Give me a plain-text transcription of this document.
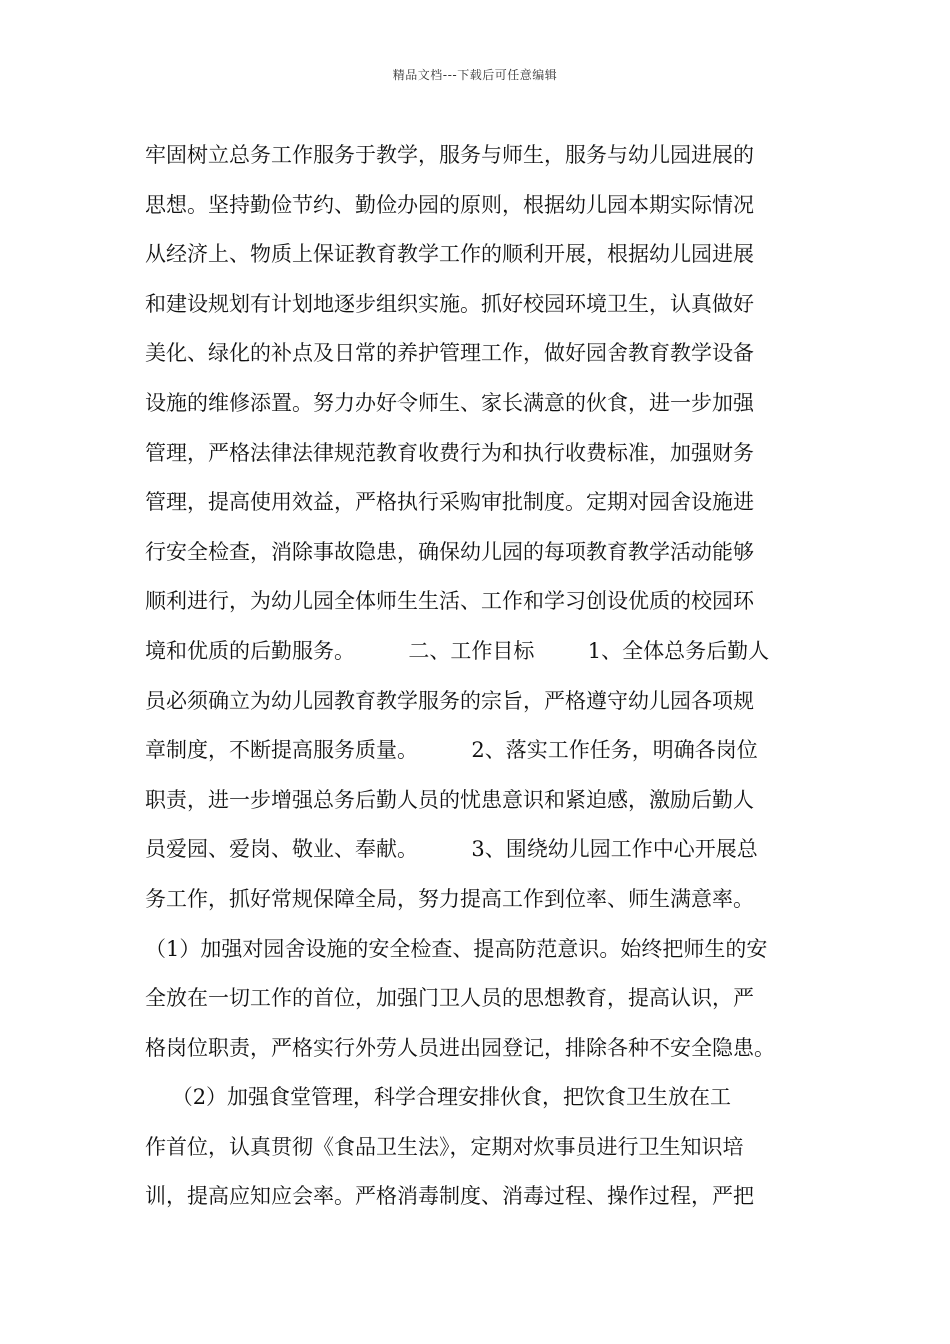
精品文档---下载后可任意编辑
牢固树立总务工作服务于教学，服务与师生，服务与幼儿园进展的
思想。坚持勤俭节约、勤俭办园的原则，根据幼儿园本期实际情况
从经济上、物质上保证教育教学工作的顺利开展，根据幼儿园进展
和建设规划有计划地逐步组织实施。抓好校园环境卫生，认真做好
美化、绿化的补点及日常的养护管理工作，做好园舍教育教学设备
设施的维修添置。努力办好令师生、家长满意的伙食，进一步加强
管理，严格法律法律规范教育收费行为和执行收费标准，加强财务
管理，提高使用效益，严格执行采购审批制度。定期对园舍设施进
行安全检查，消除事故隐患，确保幼儿园的每项教育教学活动能够
顺利进行，为幼儿园全体师生生活、工作和学习创设优质的校园环
境和优质的后勤服务。        二、工作目标        1、全体总务后勤人
员必须确立为幼儿园教育教学服务的宗旨，严格遵守幼儿园各项规
章制度，不断提高服务质量。        2、落实工作任务，明确各岗位
职责，进一步增强总务后勤人员的忧患意识和紧迫感，激励后勤人
员爱园、爱岗、敬业、奉献。        3、围绕幼儿园工作中心开展总
务工作，抓好常规保障全局，努力提高工作到位率、师生满意率。
（1）加强对园舍设施的安全检查、提高防范意识。始终把师生的安
全放在一切工作的首位，加强门卫人员的思想教育，提高认识，严
格岗位职责，严格实行外劳人员进出园登记，排除各种不安全隐患。
（2）加强食堂管理，科学合理安排伙食，把饮食卫生放在工
作首位，认真贯彻《食品卫生法》，定期对炊事员进行卫生知识培
训，提高应知应会率。严格消毒制度、消毒过程、操作过程，严把
